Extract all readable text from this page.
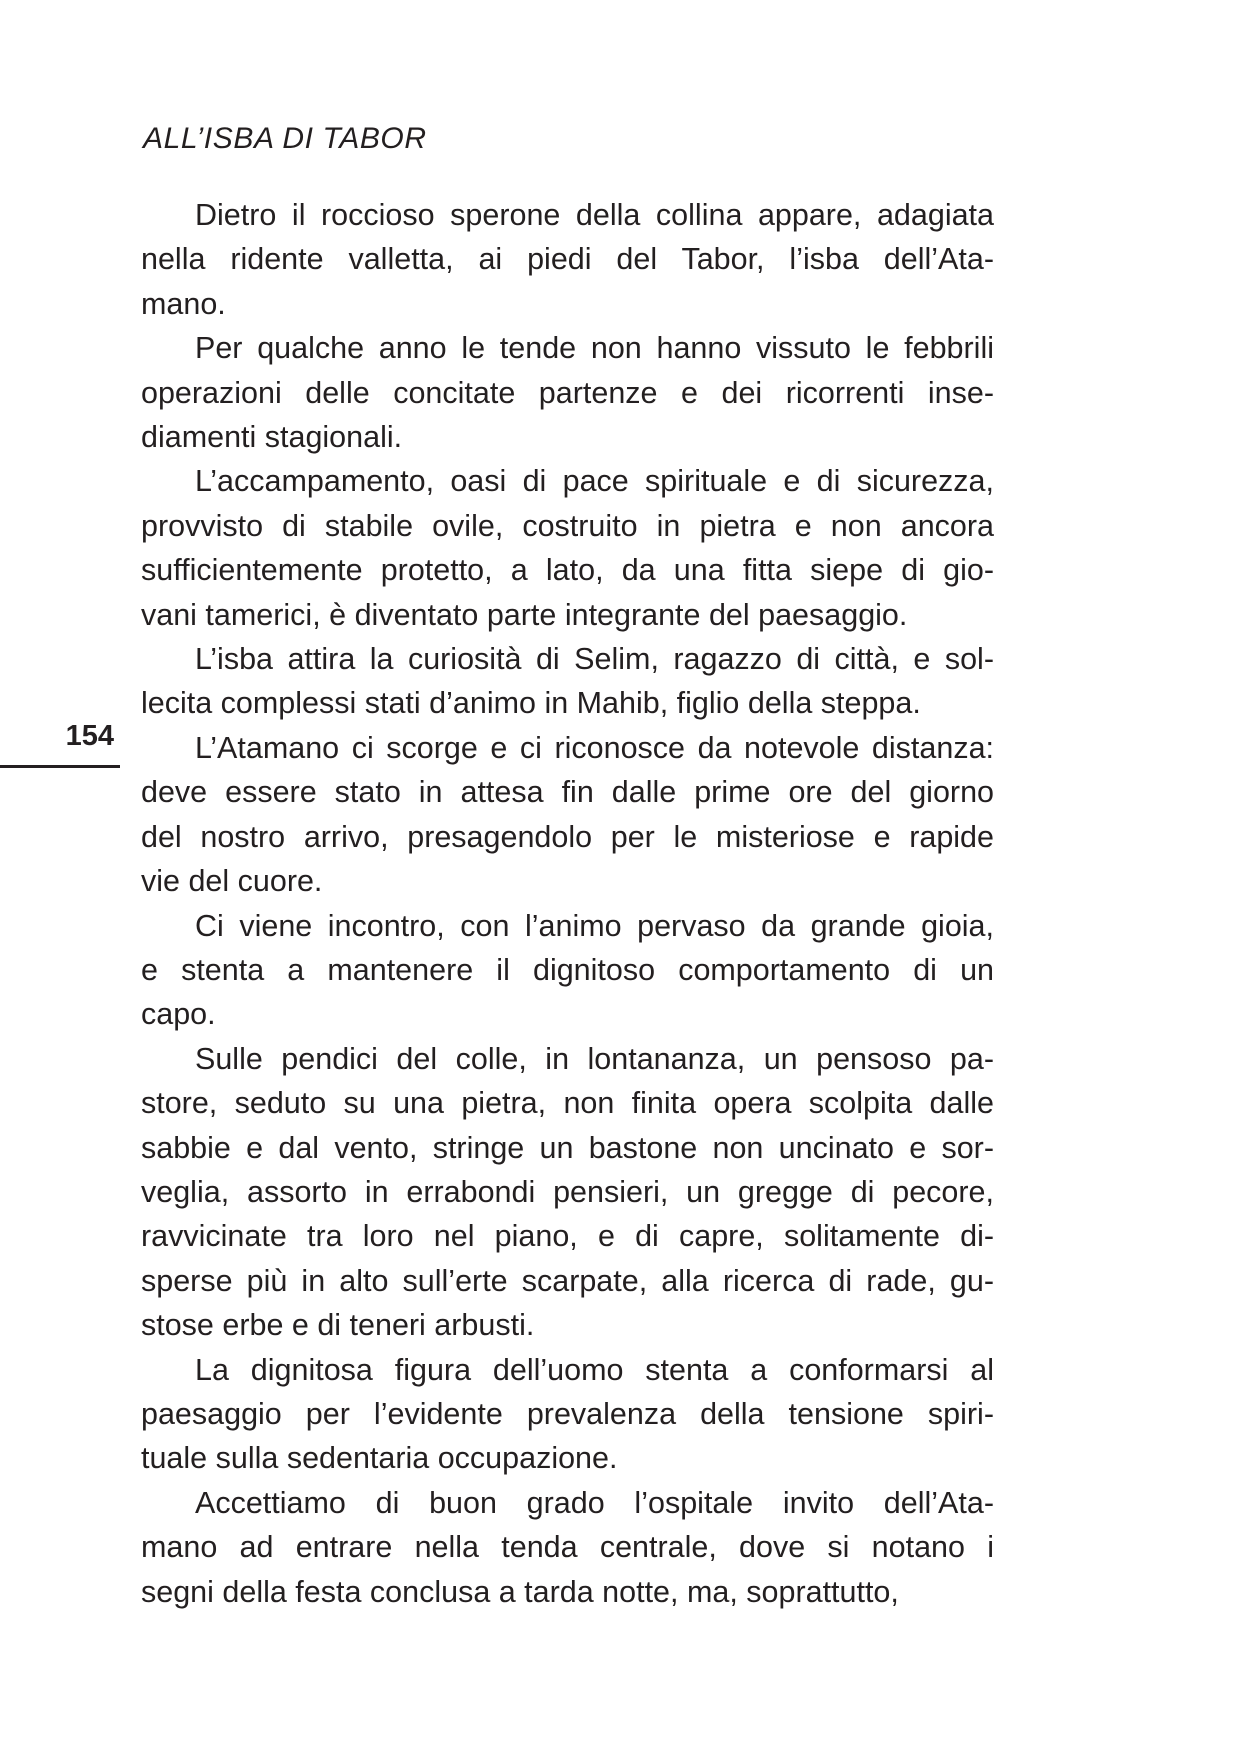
ALL’ISBA DI TABOR
154

Dietro il roccioso sperone della collina appare, adagiata
nella ridente valletta, ai piedi del Tabor, l’isba dell’Ata-
mano.

Per qualche anno le tende non hanno vissuto le febbrili
operazioni delle concitate partenze e dei ricorrenti inse-
diamenti stagionali.

L’accampamento, oasi di pace spirituale e di sicurezza,
provvisto di stabile ovile, costruito in pietra e non ancora
sufficientemente protetto, a lato, da una fitta siepe di gio-
vani tamerici, è diventato parte integrante del paesaggio.

L’isba attira la curiosità di Selim, ragazzo di città, e sol-
lecita complessi stati d’animo in Mahib, figlio della steppa.

L’Atamano ci scorge e ci riconosce da notevole distanza:
deve essere stato in attesa fin dalle prime ore del giorno
del nostro arrivo, presagendolo per le misteriose e rapide
vie del cuore.

Ci viene incontro, con l’animo pervaso da grande gioia,
e stenta a mantenere il dignitoso comportamento di un
capo.

Sulle pendici del colle, in lontananza, un pensoso pa-
store, seduto su una pietra, non finita opera scolpita dalle
sabbie e dal vento, stringe un bastone non uncinato e sor-
veglia, assorto in errabondi pensieri, un gregge di pecore,
ravvicinate tra loro nel piano, e di capre, solitamente di-
sperse più in alto sull’erte scarpate, alla ricerca di rade, gu-
stose erbe e di teneri arbusti.

La dignitosa figura dell’uomo stenta a conformarsi al
paesaggio per l’evidente prevalenza della tensione spiri-
tuale sulla sedentaria occupazione.

Accettiamo di buon grado l’ospitale invito dell’Ata-
mano ad entrare nella tenda centrale, dove si notano i
segni della festa conclusa a tarda notte, ma, soprattutto,
